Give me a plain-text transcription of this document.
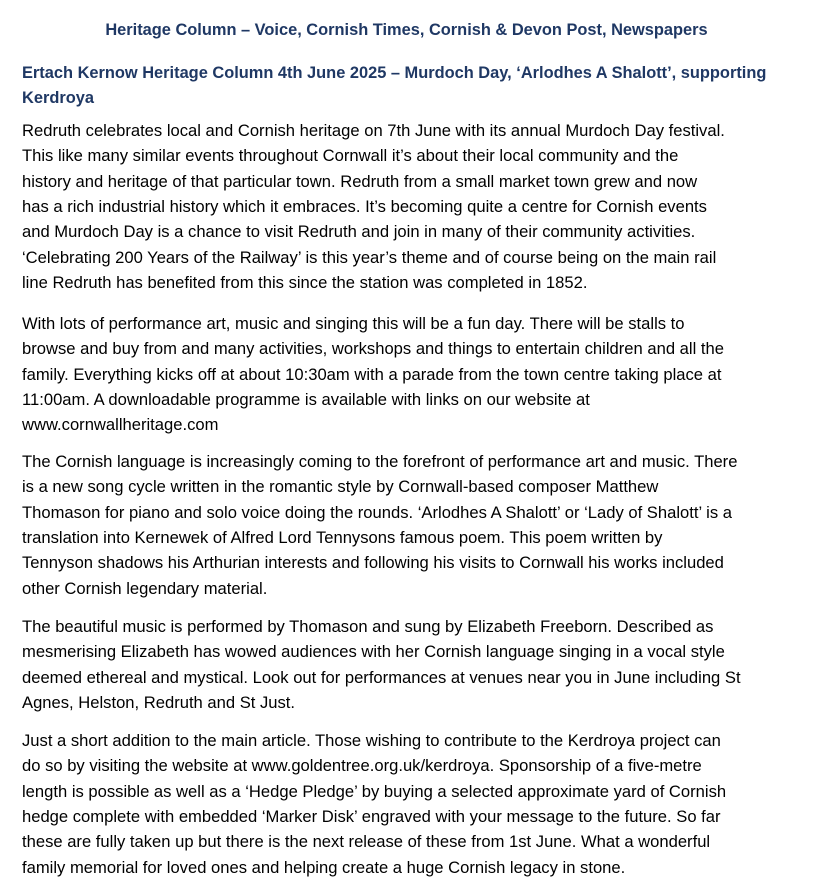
Heritage Column – Voice, Cornish Times, Cornish & Devon Post, Newspapers
Ertach Kernow Heritage Column 4th June 2025 – Murdoch Day, ‘Arlodhes A Shalott’, supporting Kerdroya

Redruth celebrates local and Cornish heritage on 7th June with its annual Murdoch Day festival.

This like many similar events throughout Cornwall it’s about their local community and the

history and heritage of that particular town. Redruth from a small market town grew and now

has a rich industrial history which it embraces. It’s becoming quite a centre for Cornish events

and Murdoch Day is a chance to visit Redruth and join in many of their community activities.

‘Celebrating 200 Years of the Railway’ is this year’s theme and of course being on the main rail

line Redruth has benefited from this since the station was completed in 1852.

With lots of performance art, music and singing this will be a fun day. There will be stalls to

browse and buy from and many activities, workshops and things to entertain children and all the

family. Everything kicks off at about 10:30am with a parade from the town centre taking place at

11:00am. A downloadable programme is available with links on our website at

www.cornwallheritage.com

The Cornish language is increasingly coming to the forefront of performance art and music. There

is a new song cycle written in the romantic style by Cornwall-based composer Matthew

Thomason for piano and solo voice doing the rounds. ‘Arlodhes A Shalott’ or ‘Lady of Shalott’ is a

translation into Kernewek of Alfred Lord Tennysons famous poem. This poem written by

Tennyson shadows his Arthurian interests and following his visits to Cornwall his works included

other Cornish legendary material.

The beautiful music is performed by Thomason and sung by Elizabeth Freeborn. Described as

mesmerising Elizabeth has wowed audiences with her Cornish language singing in a vocal style

deemed ethereal and mystical. Look out for performances at venues near you in June including St

Agnes, Helston, Redruth and St Just.

Just a short addition to the main article. Those wishing to contribute to the Kerdroya project can

do so by visiting the website at www.goldentree.org.uk/kerdroya. Sponsorship of a five-metre

length is possible as well as a ‘Hedge Pledge’ by buying a selected approximate yard of Cornish

hedge complete with embedded ‘Marker Disk’ engraved with your message to the future. So far

these are fully taken up but there is the next release of these from 1st June. What a wonderful

family memorial for loved ones and helping create a huge Cornish legacy in stone.
